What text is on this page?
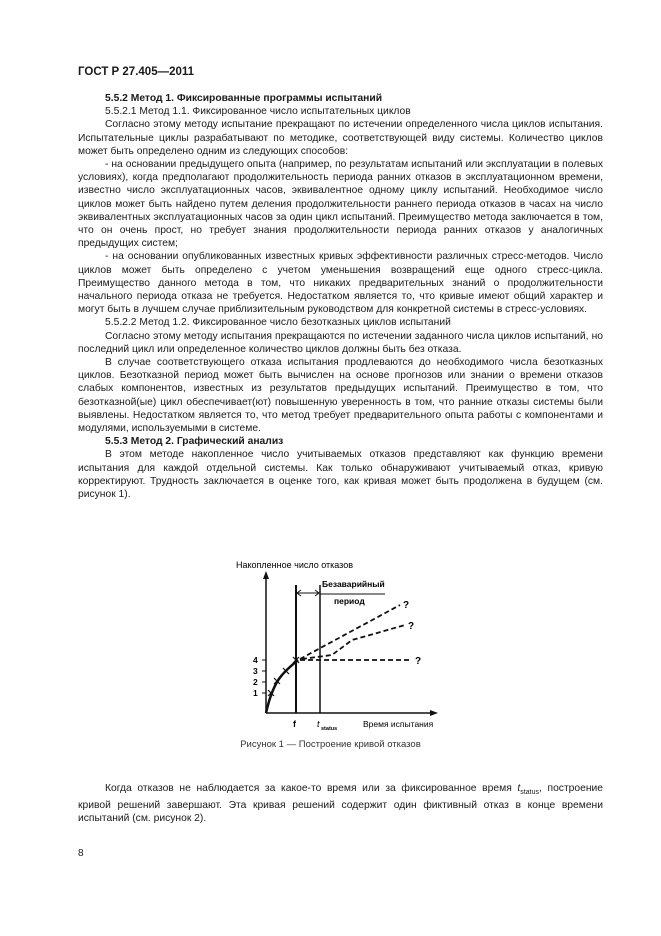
ГОСТ Р 27.405—2011

5.5.2 Метод 1. Фиксированные программы испытаний

5.5.2.1 Метод 1.1. Фиксированное число испытательных циклов

Согласно этому методу испытание прекращают по истечении определенного числа циклов испытания. Испытательные циклы разрабатывают по методике, соответствующей виду системы. Количество циклов может быть определено одним из следующих способов:

- на основании предыдущего опыта (например, по результатам испытаний или эксплуатации в полевых условиях), когда предполагают продолжительность периода ранних отказов в эксплуатационном времени, известно число эксплуатационных часов, эквивалентное одному циклу испытаний. Необходимое число циклов может быть найдено путем деления продолжительности раннего периода отказов в часах на число эквивалентных эксплуатационных часов за один цикл испытаний. Преимущество метода заключается в том, что он очень прост, но требует знания продолжительности периода ранних отказов у аналогичных предыдущих систем;

- на основании опубликованных известных кривых эффективности различных стресс-методов. Число циклов может быть определено с учетом уменьшения возвращений еще одного стресс-цикла. Преимущество данного метода в том, что никаких предварительных знаний о продолжительности начального периода отказа не требуется. Недостатком является то, что кривые имеют общий характер и могут быть в лучшем случае приблизительным руководством для конкретной системы в стресс-условиях.

5.5.2.2 Метод 1.2. Фиксированное число безотказных циклов испытаний

Согласно этому методу испытания прекращаются по истечении заданного числа циклов испытаний, но последний цикл или определенное количество циклов должны быть без отказа.

В случае соответствующего отказа испытания продлеваются до необходимого числа безотказных циклов. Безотказной период может быть вычислен на основе прогнозов или знании о времени отказов слабых компонентов, известных из результатов предыдущих испытаний. Преимущество в том, что безотказной(ые) цикл обеспечивает(ют) повышенную уверенность в том, что ранние отказы системы были выявлены. Недостатком является то, что метод требует предварительного опыта работы с компонентами и модулями, используемыми в системе.

5.5.3 Метод 2. Графический анализ

В этом методе накопленное число учитываемых отказов представляют как функцию времени испытания для каждой отдельной системы. Как только обнаруживают учитываемый отказ, кривую корректируют. Трудность заключается в оценке того, как кривая может быть продолжена в будущем (см. рисунок 1).

Накопленное число отказов
Безаварийный
период
1
2
3
4
?
?
?
f t status	Время испытания
Рисунок 1 — Построение кривой отказов

Когда отказов не наблюдается за какое-то время или за фиксированное время $t_{status}$, построение кривой решений завершают. Эта кривая решений содержит один фиктивный отказ в конце времени испытаний (см. рисунок 2).

8
